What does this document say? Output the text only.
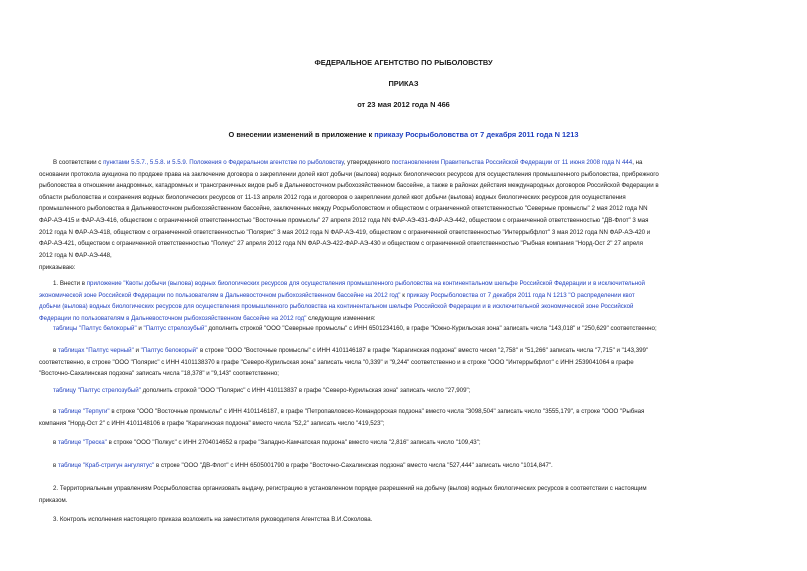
ФЕДЕРАЛЬНОЕ АГЕНТСТВО ПО РЫБОЛОВСТВУ
ПРИКАЗ
от 23 мая 2012 года N 466
О внесении изменений в приложение к приказу Росрыболовства от 7 декабря 2011 года N 1213
В соответствии с пунктами 5.5.7., 5.5.8. и 5.5.9. Положения о Федеральном агентстве по рыболовству, утвержденного постановлением Правительства Российской Федерации от 11 июня 2008 года N 444, на
основании протокола аукциона по продаже права на заключение договора о закреплении долей квот добычи (вылова) водных биологических ресурсов для осуществления промышленного рыболовства, прибрежного
рыболовства в отношении анадромных, катадромных и трансграничных видов рыб в Дальневосточном рыбохозяйственном бассейне, а также в районах действия международных договоров Российской Федерации в
области рыболовства и сохранения водных биологических ресурсов от 11-13 апреля 2012 года и договоров о закреплении долей квот добычи (вылова) водных биологических ресурсов для осуществления
промышленного рыболовства в Дальневосточном рыбохозяйственном бассейне, заключенных между Росрыболовством и обществом с ограниченной ответственностью "Северные промыслы" 2 мая 2012 года NN
ФАР-АЭ-415 и ФАР-АЭ-416, обществом с ограниченной ответственностью "Восточные промыслы" 27 апреля 2012 года NN ФАР-АЭ-431-ФАР-АЭ-442, обществом с ограниченной ответственностью "ДВ-Флот" 3 мая
2012 года N ФАР-АЭ-418, обществом с ограниченной ответственностью "Полярис" 3 мая 2012 года N ФАР-АЭ-419, обществом с ограниченной ответственностью "Интеррыбфлот" 3 мая 2012 года NN ФАР-АЭ-420 и
ФАР-АЭ-421, обществом с ограниченной ответственностью "Полкус" 27 апреля 2012 года NN ФАР-АЭ-422-ФАР-АЭ-430 и обществом с ограниченной ответственностью "Рыбная компания "Норд-Ост 2" 27 апреля
2012 года N ФАР-АЭ-448,
приказываю:
1. Внести в приложение "Квоты добычи (вылова) водных биологических ресурсов для осуществления промышленного рыболовства на континентальном шельфе Российской Федерации и в исключительной
экономической зоне Российской Федерации по пользователям в Дальневосточном рыбохозяйственном бассейне на 2012 год" к приказу Росрыболовства от 7 декабря 2011 года N 1213 "О распределении квот
добычи (вылова) водных биологических ресурсов для осуществления промышленного рыболовства на континентальном шельфе Российской Федерации и в исключительной экономической зоне Российской
Федерации по пользователям в Дальневосточном рыбохозяйственном бассейне на 2012 год" следующие изменения:
таблицы "Палтус белокорый" и "Палтус стрелозубый" дополнить строкой "ООО "Северные промыслы" с ИНН 6501234160, в графе "Южно-Курильская зона" записать числа "143,018" и "250,629" соответственно;
в таблицах "Палтус черный" и "Палтус белокорый" в строке "ООО "Восточные промыслы" с ИНН 4101146187 в графе "Карагинская подзона" вместо чисел "2,758" и "51,266" записать числа "7,715" и "143,399"
соответственно, в строке "ООО "Полярис" с ИНН 4101138370 в графе "Северо-Курильская зона" записать числа "0,339" и "9,244" соответственно и в строке "ООО "Интеррыбфлот" с ИНН 2539041064 в графе
"Восточно-Сахалинская подзона" записать числа "18,378" и "9,143" соответственно;
таблицу "Палтус стрелозубый" дополнить строкой "ООО "Полярис" с ИНН 410113837 в графе "Северо-Курильская зона" записать число "27,909";
в таблице "Терпуги" в строке "ООО "Восточные промыслы" с ИНН 4101146187, в графе "Петропавловско-Командорская подзона" вместо числа "3098,504" записать число "3555,179", в строке "ООО "Рыбная
компания "Норд-Ост 2" с ИНН 4101148106 в графе "Карагинская подзона" вместо числа "52,2" записать число "419,523";
в таблице "Треска" в строке "ООО "Полкус" с ИНН 2704014652 в графе "Западно-Камчатская подзона" вместо числа "2,816" записать число "109,43";
в таблице "Краб-стригун ангулятус" в строке "ООО "ДВ-Флот" с ИНН 6505001790 в графе "Восточно-Сахалинская подзона" вместо числа "527,444" записать число "1014,847".
2. Территориальным управлениям Росрыболовства организовать выдачу, регистрацию в установленном порядке разрешений на добычу (вылов) водных биологических ресурсов в соответствии с настоящим
приказом.
3. Контроль исполнения настоящего приказа возложить на заместителя руководителя Агентства В.И.Соколова.
